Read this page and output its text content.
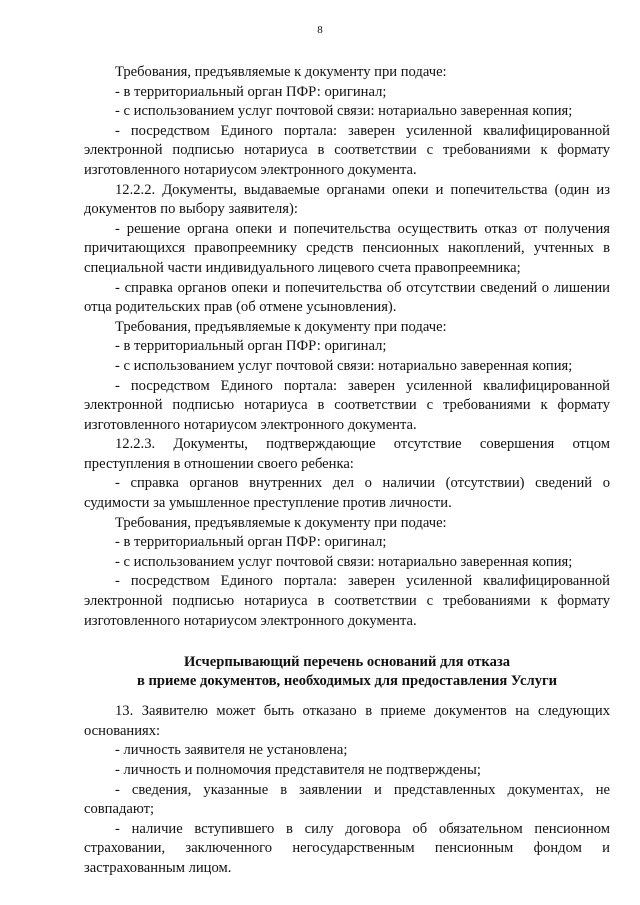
8

Требования, предъявляемые к документу при подаче:

- в территориальный орган ПФР: оригинал;

- с использованием услуг почтовой связи: нотариально заверенная копия;

- посредством Единого портала: заверен усиленной квалифицированной электронной подписью нотариуса в соответствии с требованиями к формату изготовленного нотариусом электронного документа.

12.2.2. Документы, выдаваемые органами опеки и попечительства (один из документов по выбору заявителя):

- решение органа опеки и попечительства осуществить отказ от получения причитающихся правопреемнику средств пенсионных накоплений, учтенных в специальной части индивидуального лицевого счета правопреемника;

- справка органов опеки и попечительства об отсутствии сведений о лишении отца родительских прав (об отмене усыновления).

Требования, предъявляемые к документу при подаче:

- в территориальный орган ПФР: оригинал;

- с использованием услуг почтовой связи: нотариально заверенная копия;

- посредством Единого портала: заверен усиленной квалифицированной электронной подписью нотариуса в соответствии с требованиями к формату изготовленного нотариусом электронного документа.

12.2.3. Документы, подтверждающие отсутствие совершения отцом преступления в отношении своего ребенка:

- справка органов внутренних дел о наличии (отсутствии) сведений о судимости за умышленное преступление против личности.

Требования, предъявляемые к документу при подаче:

- в территориальный орган ПФР: оригинал;

- с использованием услуг почтовой связи: нотариально заверенная копия;

- посредством Единого портала: заверен усиленной квалифицированной электронной подписью нотариуса в соответствии с требованиями к формату изготовленного нотариусом электронного документа.

Исчерпывающий перечень оснований для отказа
в приеме документов, необходимых для предоставления Услуги

13. Заявителю может быть отказано в приеме документов на следующих основаниях:

- личность заявителя не установлена;

- личность и полномочия представителя не подтверждены;

- сведения, указанные в заявлении и представленных документах, не совпадают;

- наличие вступившего в силу договора об обязательном пенсионном страховании, заключенного негосударственным пенсионным фондом и застрахованным лицом.
